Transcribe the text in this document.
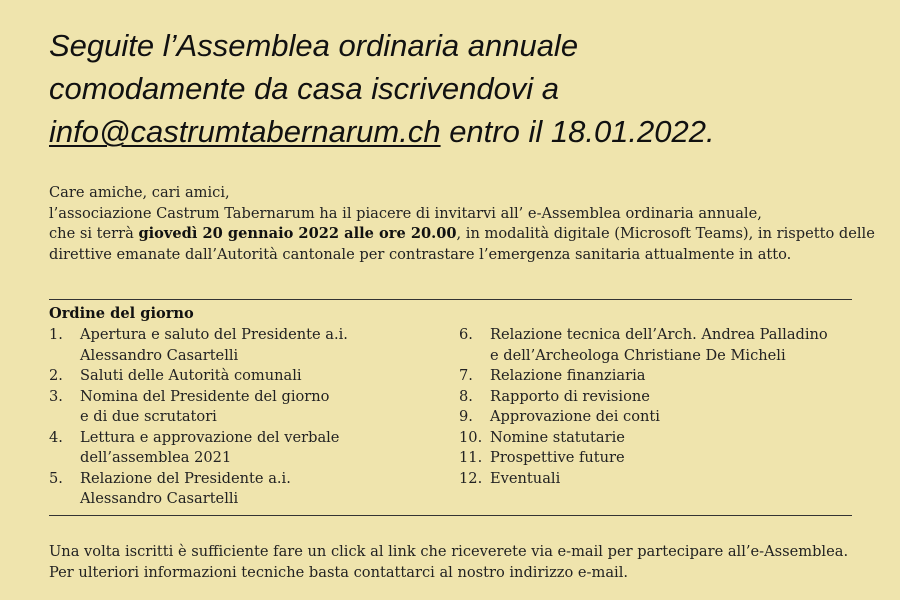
Seguite l’Assemblea ordinaria annuale
comodamente da casa iscrivendovi a
info@castrumtabernarum.ch entro il 18.01.2022.

Care amiche, cari amici,

l’associazione Castrum Tabernarum ha il piacere di invitarvi all’ e-Assemblea ordinaria annuale,

che si terrà giovedì 20 gennaio 2022 alle ore 20.00, in modalità digitale (Microsoft Teams), in rispetto delle

direttive emanate dall’Autorità cantonale per contrastare l’emergenza sanitaria attualmente in atto.

Ordine del giorno
1.	Apertura e saluto del Presidente a.i.
Alessandro Casartelli
2.	Saluti delle Autorità comunali
3.	Nomina del Presidente del giorno
e di due scrutatori
4.	Lettura e approvazione del verbale
dell’assemblea 2021
5.	Relazione del Presidente a.i.
Alessandro Casartelli
6.	Relazione tecnica dell’Arch. Andrea Palladino
e dell’Archeologa Christiane De Micheli
7.	Relazione finanziaria
8.	Rapporto di revisione
9.	Approvazione dei conti
10. Nomine statutarie
11. Prospettive future
12. Eventuali

Una volta iscritti è sufficiente fare un click al link che riceverete via e-mail per partecipare all’e-Assemblea.

Per ulteriori informazioni tecniche basta contattarci al nostro indirizzo e-mail.
